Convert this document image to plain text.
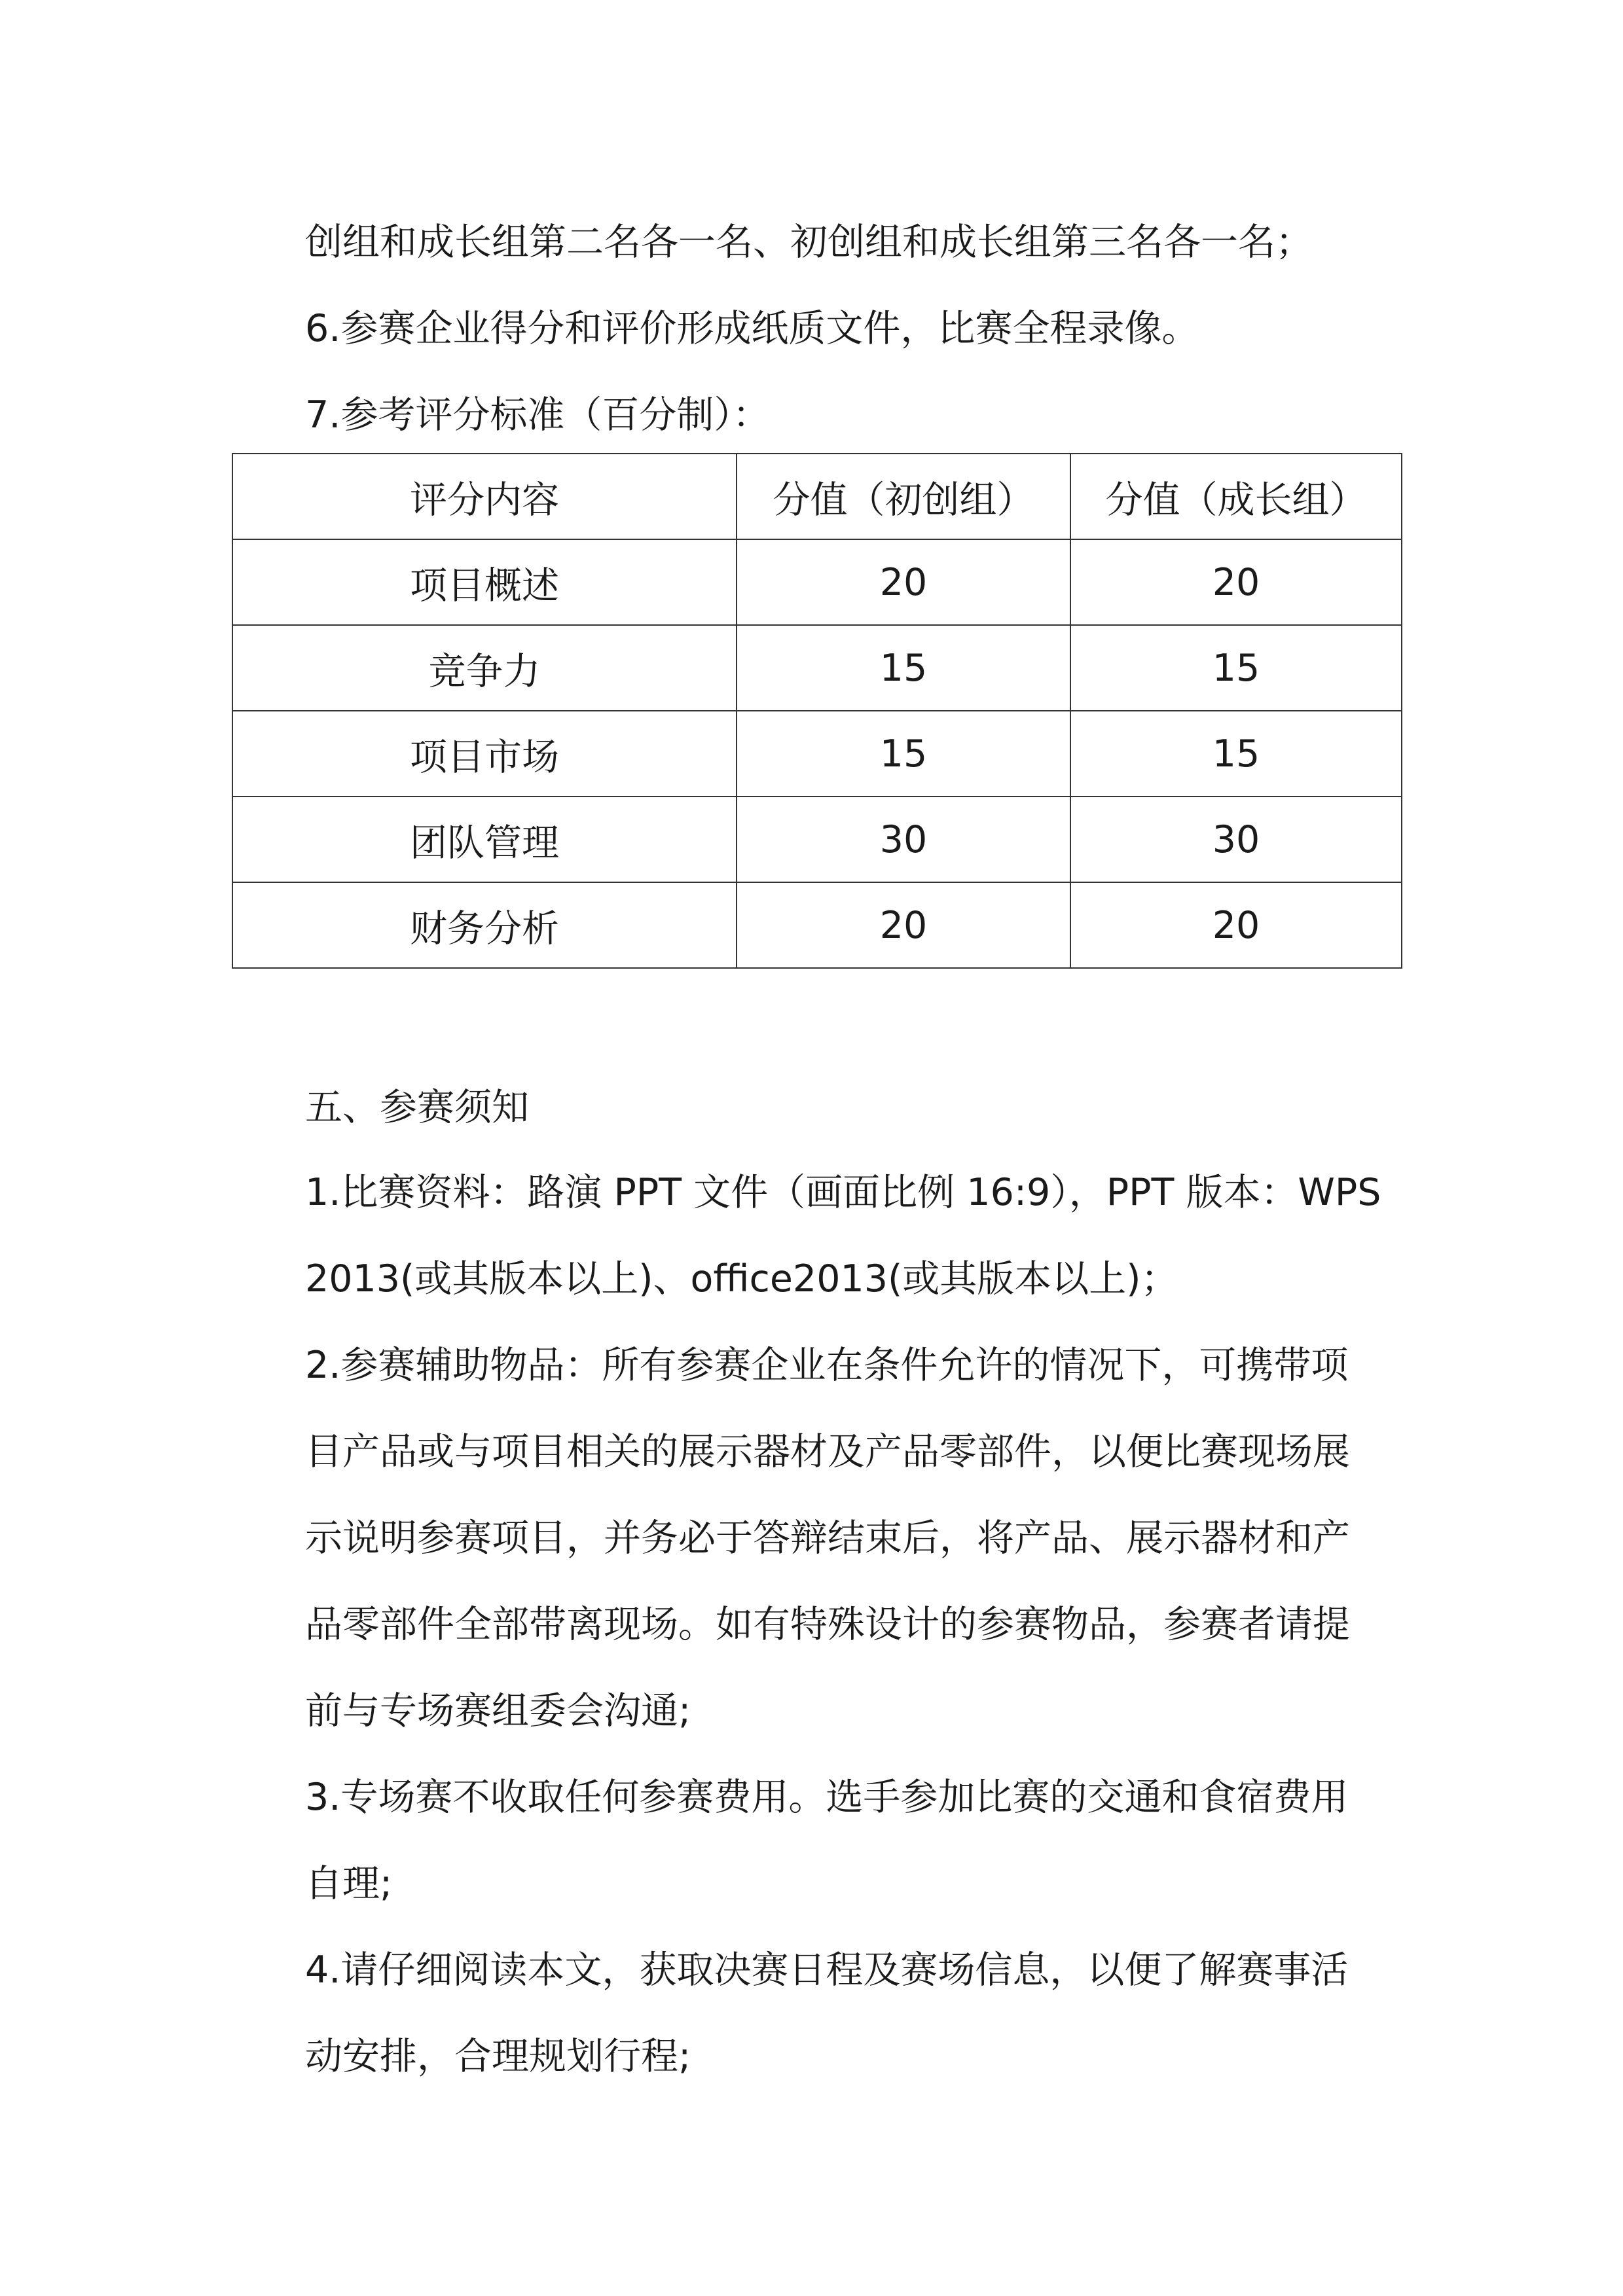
创组和成长组第二名各一名、初创组和成长组第三名各一名；

6.参赛企业得分和评价形成纸质文件，比赛全程录像。

7.参考评分标准（百分制）：

评分内容	分值（初创组）	分值（成长组）
项目概述	20	20
竞争力	15	15
项目市场	15	15
团队管理	30	30
财务分析	20	20
五、参赛须知

1.比赛资料：路演 PPT 文件（画面比例 16:9），PPT 版本：WPS

2013(或其版本以上)、office2013(或其版本以上)；

2.参赛辅助物品：所有参赛企业在条件允许的情况下，可携带项

目产品或与项目相关的展示器材及产品零部件，以便比赛现场展

示说明参赛项目，并务必于答辩结束后，将产品、展示器材和产

品零部件全部带离现场。如有特殊设计的参赛物品，参赛者请提

前与专场赛组委会沟通;

3.专场赛不收取任何参赛费用。选手参加比赛的交通和食宿费用

自理;

4.请仔细阅读本文，获取决赛日程及赛场信息，以便了解赛事活

动安排，合理规划行程;
